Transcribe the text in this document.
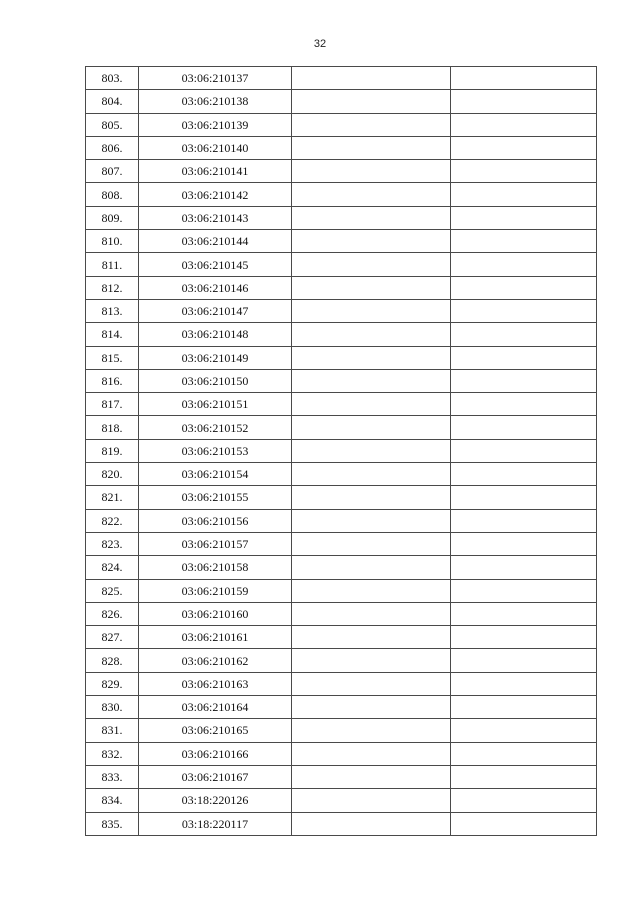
32
803.	03:06:210137		
804.	03:06:210138		
805.	03:06:210139		
806.	03:06:210140		
807.	03:06:210141		
808.	03:06:210142		
809.	03:06:210143		
810.	03:06:210144		
811.	03:06:210145		
812.	03:06:210146		
813.	03:06:210147		
814.	03:06:210148		
815.	03:06:210149		
816.	03:06:210150		
817.	03:06:210151		
818.	03:06:210152		
819.	03:06:210153		
820.	03:06:210154		
821.	03:06:210155		
822.	03:06:210156		
823.	03:06:210157		
824.	03:06:210158		
825.	03:06:210159		
826.	03:06:210160		
827.	03:06:210161		
828.	03:06:210162		
829.	03:06:210163		
830.	03:06:210164		
831.	03:06:210165		
832.	03:06:210166		
833.	03:06:210167		
834.	03:18:220126		
835.	03:18:220117		
